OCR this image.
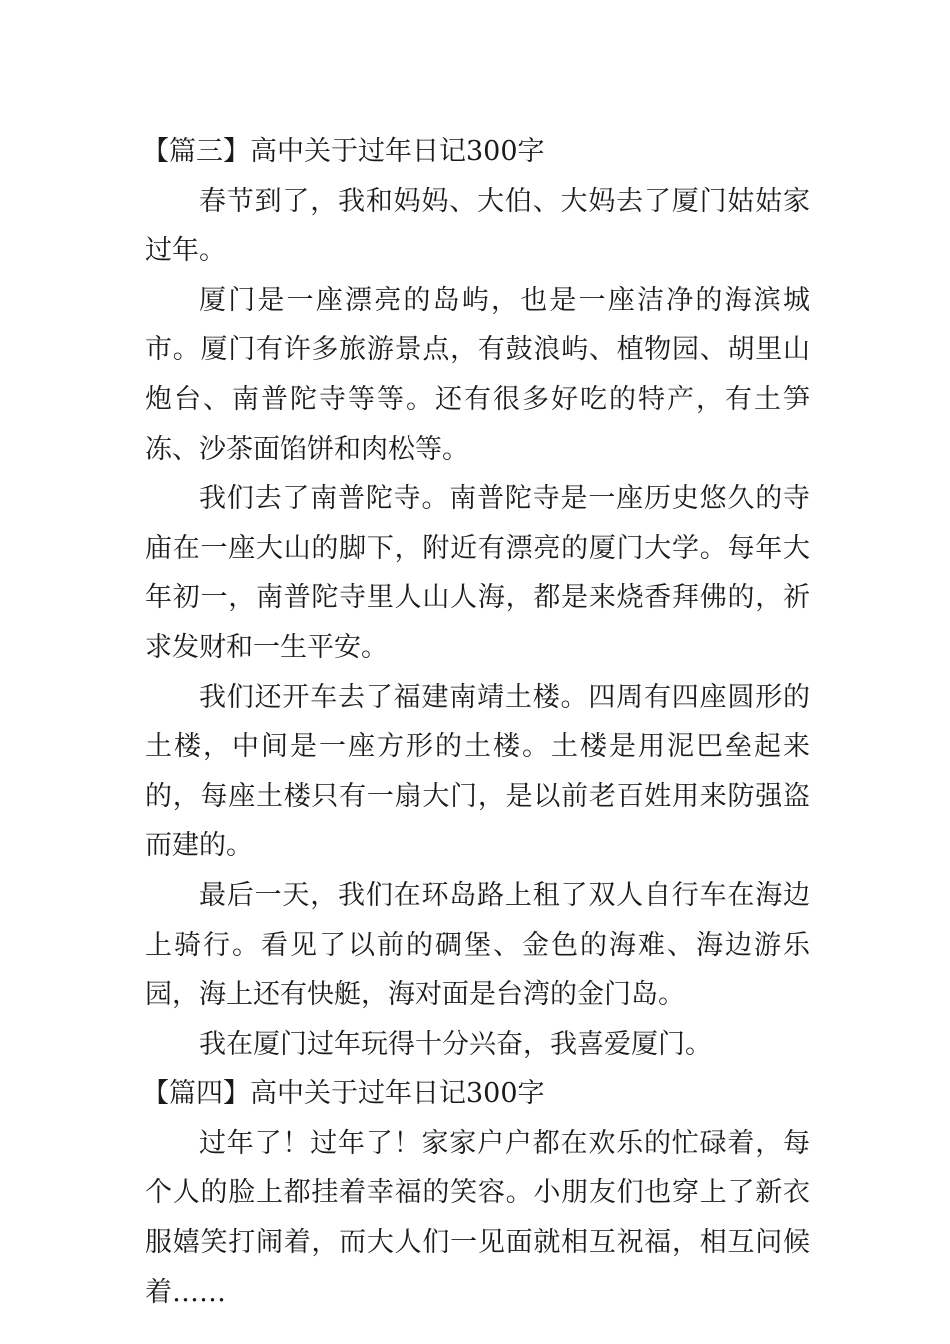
【篇三】高中关于过年日记300字

春节到了，我和妈妈、大伯、大妈去了厦门姑姑家过年。

厦门是一座漂亮的岛屿，也是一座洁净的海滨城市。厦门有许多旅游景点，有鼓浪屿、植物园、胡里山炮台、南普陀寺等等。还有很多好吃的特产，有土笋冻、沙茶面馅饼和肉松等。

我们去了南普陀寺。南普陀寺是一座历史悠久的寺庙在一座大山的脚下，附近有漂亮的厦门大学。每年大年初一，南普陀寺里人山人海，都是来烧香拜佛的，祈求发财和一生平安。

我们还开车去了福建南靖土楼。四周有四座圆形的土楼，中间是一座方形的土楼。土楼是用泥巴垒起来的，每座土楼只有一扇大门，是以前老百姓用来防强盗而建的。

最后一天，我们在环岛路上租了双人自行车在海边上骑行。看见了以前的碉堡、金色的海难、海边游乐园，海上还有快艇，海对面是台湾的金门岛。

我在厦门过年玩得十分兴奋，我喜爱厦门。

【篇四】高中关于过年日记300字

过年了！过年了！家家户户都在欢乐的忙碌着，每个人的脸上都挂着幸福的笑容。小朋友们也穿上了新衣服嬉笑打闹着，而大人们一见面就相互祝福，相互问候着……
